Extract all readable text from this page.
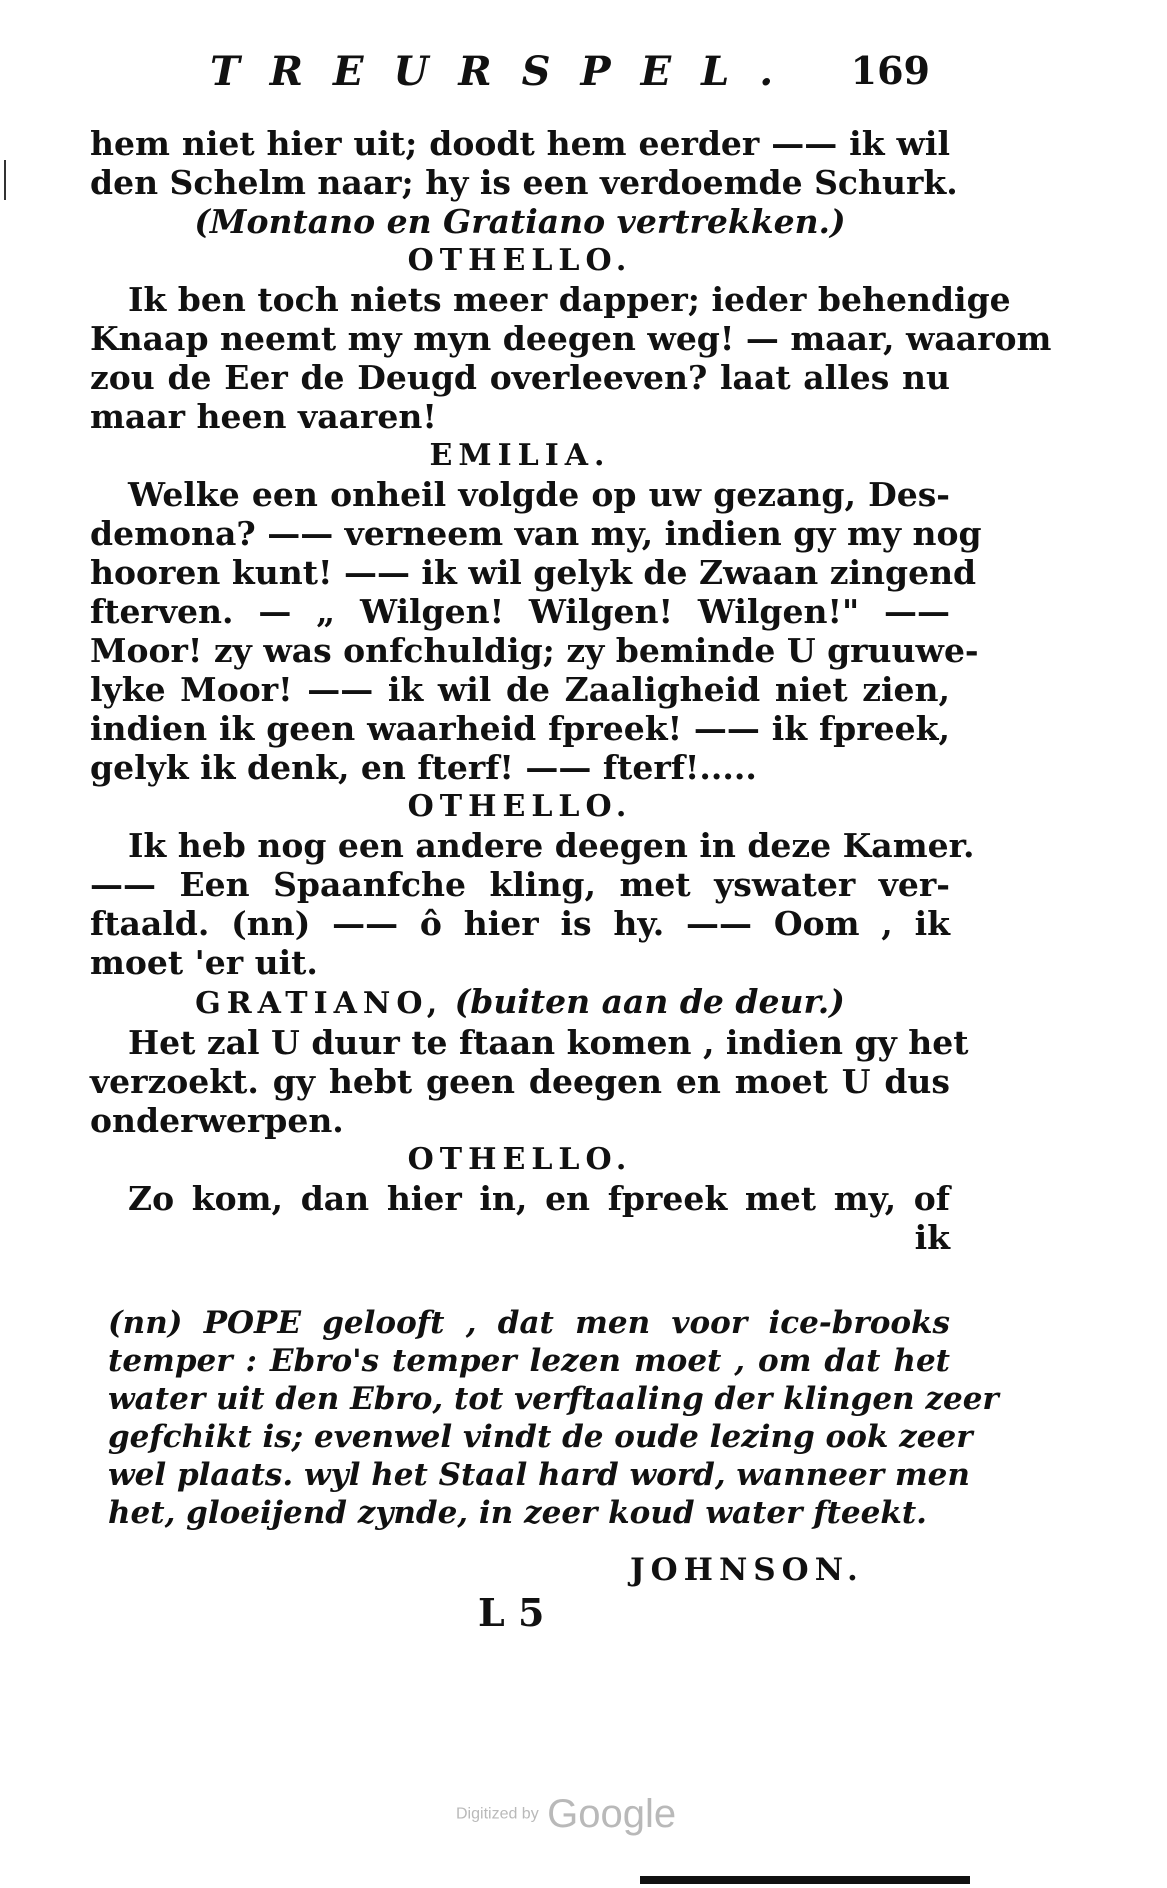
TREURSPEL. 169
hem niet hier uit; doodt hem eerder —— ik wil
den Schelm naar; hy is een verdoemde Schurk.
(Montano en Gratiano vertrekken.)
OTHELLO.
Ik ben toch niets meer dapper; ieder behendige
Knaap neemt my myn deegen weg! — maar, waarom
zou de Eer de Deugd overleeven? laat alles nu
maar heen vaaren!
EMILIA.
Welke een onheil volgde op uw gezang, Des-
demona? —— verneem van my, indien gy my nog
hooren kunt! —— ik wil gelyk de Zwaan zingend
fterven. — „ Wilgen! Wilgen! Wilgen!" ——
Moor! zy was onfchuldig; zy beminde U gruuwe-
lyke Moor! —— ik wil de Zaaligheid niet zien,
indien ik geen waarheid fpreek! —— ik fpreek,
gelyk ik denk, en fterf! —— fterf!.....
OTHELLO.
Ik heb nog een andere deegen in deze Kamer.
—— Een Spaanfche kling, met yswater ver-
ftaald. (nn) —— ô hier is hy. —— Oom , ik
moet 'er uit.
GRATIANO, (buiten aan de deur.)
Het zal U duur te ftaan komen , indien gy het
verzoekt. gy hebt geen deegen en moet U dus
onderwerpen.
OTHELLO.
Zo kom, dan hier in, en fpreek met my, of
ik
(nn) POPE gelooft , dat men voor ice-brooks
temper : Ebro's temper lezen moet , om dat het
water uit den Ebro, tot verftaaling der klingen zeer
gefchikt is; evenwel vindt de oude lezing ook zeer
wel plaats. wyl het Staal hard word, wanneer men
het, gloeijend zynde, in zeer koud water fteekt.
JOHNSON.
L 5
Digitized by Google
